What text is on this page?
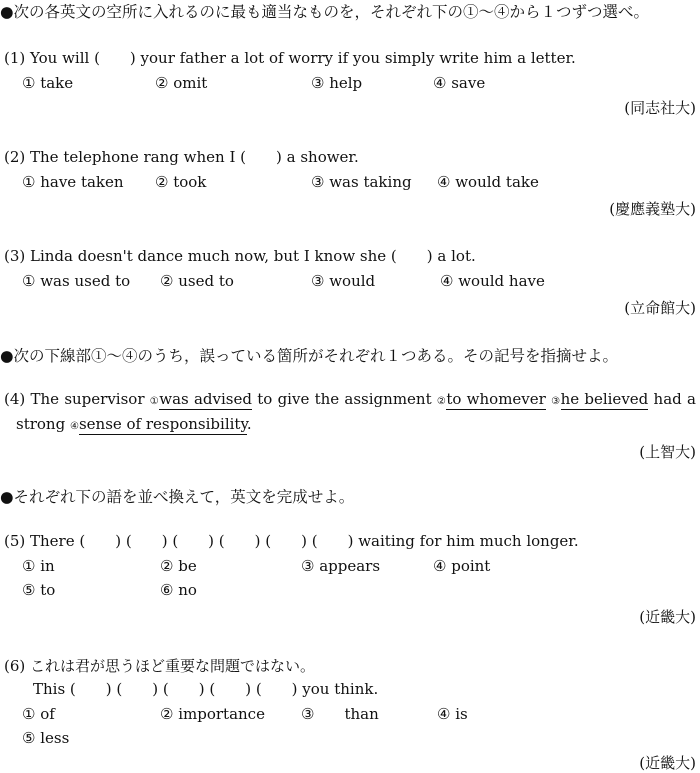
●次の各英文の空所に入れるのに最も適当なものを，それぞれ下の①～④から１つずつ選べ。
(1) You will (  ) your father a lot of worry if you simply write him a letter.
① take	② omit	③ help	④ save
(同志社大)
(2) The telephone rang when I (  ) a shower.
① have taken ② took	③ was taking ④ would take
(慶應義塾大)
(3) Linda doesn't dance much now, but I know she (  ) a lot.
① was used to ② used to	③ would	④ would have
(立命館大)
●次の下線部①～④のうち，誤っている箇所がそれぞれ１つある。その記号を指摘せよ。
(4) The supervisor ①was advised to give the assignment ②to whomever ③he believed had a
strong ④sense of responsibility.
(上智大)
●それぞれ下の語を並べ換えて，英文を完成せよ。
(5) There (  ) (  ) (  ) (  ) (  ) (  ) waiting for him much longer.
① in	② be	③ appears	④ point
⑤ to	⑥ no
(近畿大)
(6) これは君が思うほど重要な問題ではない。
This (  ) (  ) (  ) (  ) (  ) you think.
① of	② importance ③  than	④ is
⑤ less
(近畿大)
